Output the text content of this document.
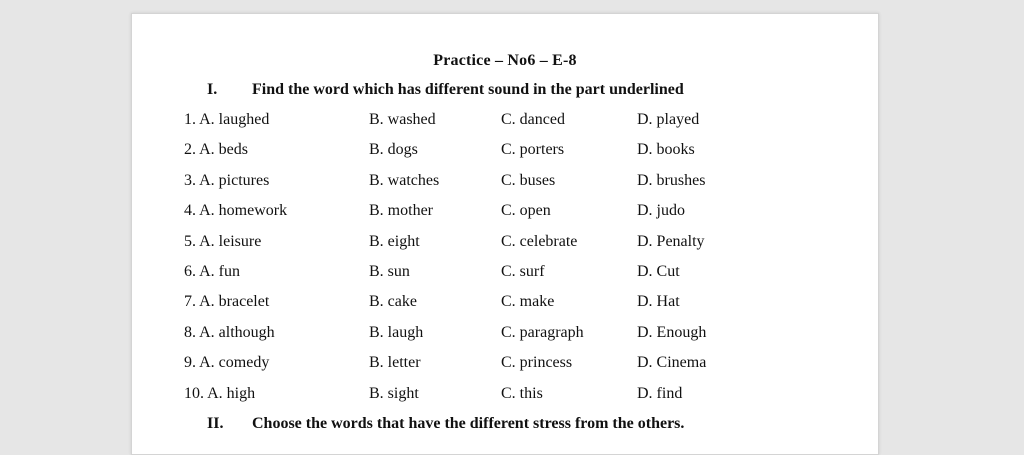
Practice – No6 – E-8
I. Find the word which has different sound in the part underlined
1. A. laughed	B. washed	C. danced	D. played
2. A. beds	B. dogs	C. porters	D. books
3. A. pictures	B. watches	C. buses	D. brushes
4. A. homework	B. mother	C. open	D. judo
5. A. leisure	B. eight	C. celebrate	D. Penalty
6. A. fun	B. sun	C. surf	D. Cut
7. A. bracelet	B. cake	C. make	D. Hat
8. A. although	B. laugh	C. paragraph	D. Enough
9. A. comedy	B. letter	C. princess	D. Cinema
10. A. high	B. sight	C. this	D. find
II. Choose the words that have the different stress from the others.
